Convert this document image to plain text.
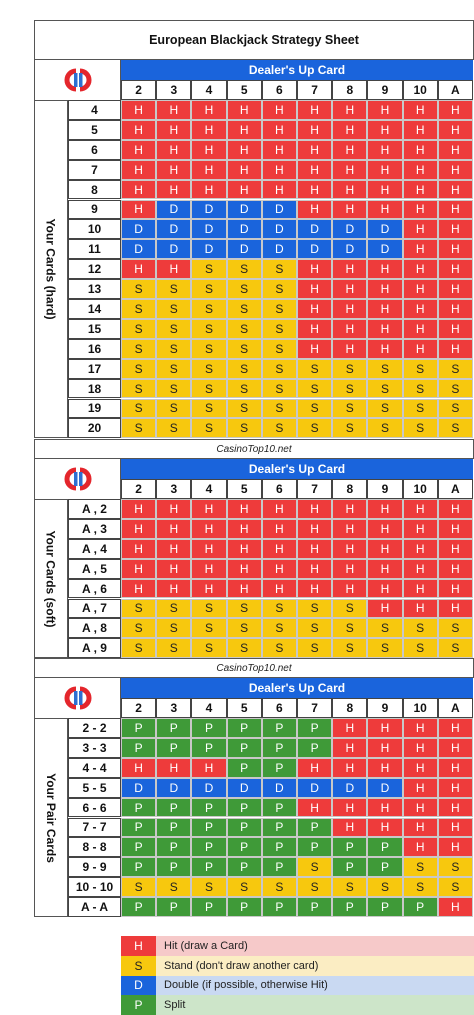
European Blackjack Strategy Sheet
Dealer's Up Card
2	3	4	5	6	7	8	9	10	A
Your Cards (hard)
4	H	H	H	H	H	H	H	H	H	H
5	H	H	H	H	H	H	H	H	H	H
6	H	H	H	H	H	H	H	H	H	H
7	H	H	H	H	H	H	H	H	H	H
8	H	H	H	H	H	H	H	H	H	H
9	H	D	D	D	D	H	H	H	H	H
10	D	D	D	D	D	D	D	D	H	H
11	D	D	D	D	D	D	D	D	H	H
12	H	H	S	S	S	H	H	H	H	H
13	S	S	S	S	S	H	H	H	H	H
14	S	S	S	S	S	H	H	H	H	H
15	S	S	S	S	S	H	H	H	H	H
16	S	S	S	S	S	H	H	H	H	H
17	S	S	S	S	S	S	S	S	S	S
18	S	S	S	S	S	S	S	S	S	S
19	S	S	S	S	S	S	S	S	S	S
20	S	S	S	S	S	S	S	S	S	S
CasinoTop10.net
Dealer's Up Card
2	3	4	5	6	7	8	9	10	A
Your Cards (soft)
A , 2	H	H	H	H	H	H	H	H	H	H
A , 3	H	H	H	H	H	H	H	H	H	H
A , 4	H	H	H	H	H	H	H	H	H	H
A , 5	H	H	H	H	H	H	H	H	H	H
A , 6	H	H	H	H	H	H	H	H	H	H
A , 7	S	S	S	S	S	S	S	H	H	H
A , 8	S	S	S	S	S	S	S	S	S	S
A , 9	S	S	S	S	S	S	S	S	S	S
CasinoTop10.net
Dealer's Up Card
2	3	4	5	6	7	8	9	10	A
Your Pair Cards
2 - 2	P	P	P	P	P	P	H	H	H	H
3 - 3	P	P	P	P	P	P	H	H	H	H
4 - 4	H	H	H	P	P	H	H	H	H	H
5 - 5	D	D	D	D	D	D	D	D	H	H
6 - 6	P	P	P	P	P	H	H	H	H	H
7 - 7	P	P	P	P	P	P	H	H	H	H
8 - 8	P	P	P	P	P	P	P	P	H	H
9 - 9	P	P	P	P	P	S	P	P	S	S
10 - 10	S	S	S	S	S	S	S	S	S	S
A - A	P	P	P	P	P	P	P	P	P	H
H	Hit (draw a Card)
S	Stand (don't draw another card)
D	Double (if possible, otherwise Hit)
P	Split
